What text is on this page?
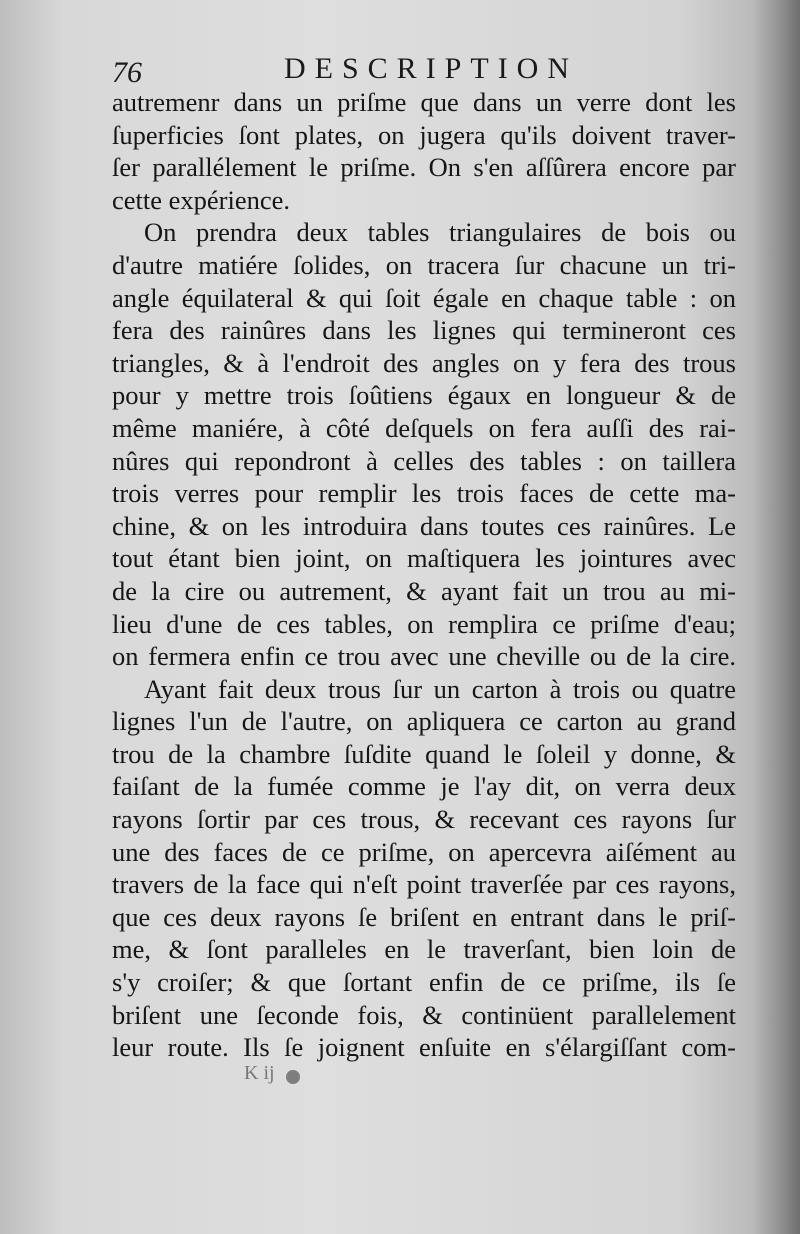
76	DESCRIPTION
autremenr dans un priſme que dans un verre dont les
ſuperficies ſont plates, on jugera qu'ils doivent traver-
ſer parallélement le priſme. On s'en aſſûrera encore par
cette expérience.
On prendra deux tables triangulaires de bois ou
d'autre matiére ſolides, on tracera ſur chacune un tri-
angle équilateral & qui ſoit égale en chaque table : on
fera des rainûres dans les lignes qui termineront ces
triangles, & à l'endroit des angles on y fera des trous
pour y mettre trois ſoûtiens égaux en longueur & de
même maniére, à côté deſquels on fera auſſi des rai-
nûres qui repondront à celles des tables : on taillera
trois verres pour remplir les trois faces de cette ma-
chine, & on les introduira dans toutes ces rainûres. Le
tout étant bien joint, on maſtiquera les jointures avec
de la cire ou autrement, & ayant fait un trou au mi-
lieu d'une de ces tables, on remplira ce priſme d'eau;
on fermera enfin ce trou avec une cheville ou de la cire.
Ayant fait deux trous ſur un carton à trois ou quatre
lignes l'un de l'autre, on apliquera ce carton au grand
trou de la chambre ſuſdite quand le ſoleil y donne, &
faiſant de la fumée comme je l'ay dit, on verra deux
rayons ſortir par ces trous, & recevant ces rayons ſur
une des faces de ce priſme, on apercevra aiſément au
travers de la face qui n'eſt point traverſée par ces rayons,
que ces deux rayons ſe briſent en entrant dans le priſ-
me, & ſont paralleles en le traverſant, bien loin de
s'y croiſer; & que ſortant enfin de ce priſme, ils ſe
briſent une ſeconde fois, & continüent parallelement
leur route. Ils ſe joignent enſuite en s'élargiſſant com-
K ij
